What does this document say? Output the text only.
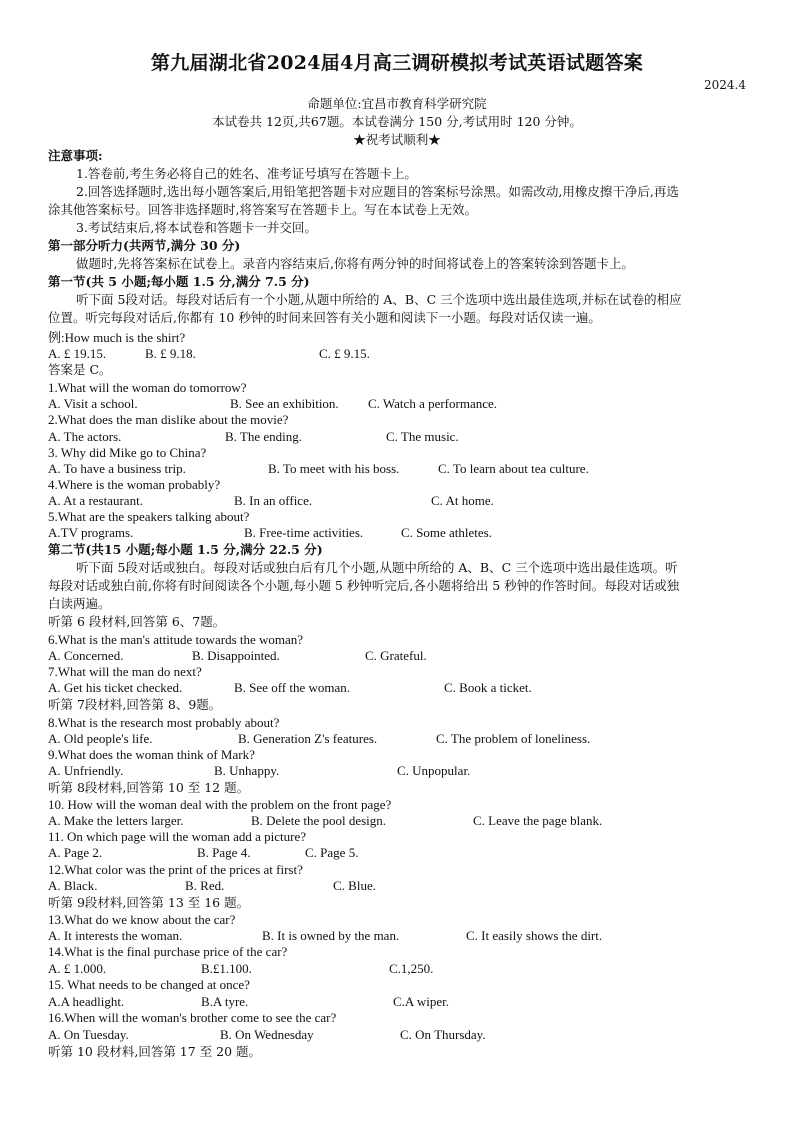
第九届湖北省2024届4月高三调研模拟考试英语试题答案
2024.4
命题单位:宜昌市教育科学研究院
本试卷共 12页,共67题。本试卷满分 150 分,考试用时 120 分钟。
★祝考试顺利★
注意事项:
1.答卷前,考生务必将自己的姓名、准考证号填写在答题卡上。
2.回答选择题时,选出每小题答案后,用铅笔把答题卡对应题目的答案标号涂黑。如需改动,用橡皮擦干净后,再选
涂其他答案标号。回答非选择题时,将答案写在答题卡上。写在本试卷上无效。
3.考试结束后,将本试卷和答题卡一并交回。
第一部分听力(共两节,满分 30 分)
做题时,先将答案标在试卷上。录音内容结束后,你将有两分钟的时间将试卷上的答案转涂到答题卡上。
第一节(共 5 小题;每小题 1.5 分,满分 7.5 分)
听下面 5段对话。每段对话后有一个小题,从题中所给的 A、B、C 三个选项中选出最佳选项,并标在试卷的相应
位置。听完每段对话后,你都有 10 秒钟的时间来回答有关小题和阅读下一小题。每段对话仅读一遍。
例:How much is the shirt?
A. £ 19.15.	B. £ 9.18.	C. £ 9.15.
答案是 C。
1.What will the woman do tomorrow?
A. Visit a school.	B. See an exhibition. C. Watch a performance.
2.What does the man dislike about the movie?
A. The actors.	B. The ending.	C. The music.
3. Why did Mike go to China?
A. To have a business trip.	B. To meet with his boss.	C. To learn about tea culture.
4.Where is the woman probably?
A. At a restaurant.	B. In an office.	C. At home.
5.What are the speakers talking about?
A.TV programs.	B. Free-time activities.	C. Some athletes.
第二节(共15 小题;每小题 1.5 分,满分 22.5 分)
听下面 5段对话或独白。每段对话或独白后有几个小题,从题中所给的 A、B、C 三个选项中选出最佳选项。听
每段对话或独白前,你将有时间阅读各个小题,每小题 5 秒钟听完后,各小题将给出 5 秒钟的作答时间。每段对话或独
白读两遍。
听第 6 段材料,回答第 6、7题。
6.What is the man's attitude towards the woman?
A. Concerned.	B. Disappointed.	C. Grateful.
7.What will the man do next?
A. Get his ticket checked.	B. See off the woman.	C. Book a ticket.
听第 7段材料,回答第 8、9题。
8.What is the research most probably about?
A. Old people's life.	B. Generation Z's features.	C. The problem of loneliness.
9.What does the woman think of Mark?
A. Unfriendly.	B. Unhappy.	C. Unpopular.
听第 8段材料,回答第 10 至 12 题。
10. How will the woman deal with the problem on the front page?
A. Make the letters larger.	B. Delete the pool design.	C. Leave the page blank.
11. On which page will the woman add a picture?
A. Page 2.	B. Page 4.	C. Page 5.
12.What color was the print of the prices at first?
A. Black.	B. Red.	C. Blue.
听第 9段材料,回答第 13 至 16 题。
13.What do we know about the car?
A. It interests the woman.	B. It is owned by the man.	C. It easily shows the dirt.
14.What is the final purchase price of the car?
A. £ 1.000.	B.£1.100.	C.1,250.
15. What needs to be changed at once?
A.A headlight.	B.A tyre.	C.A wiper.
16.When will the woman's brother come to see the car?
A. On Tuesday.	B. On Wednesday	C. On Thursday.
听第 10 段材料,回答第 17 至 20 题。
